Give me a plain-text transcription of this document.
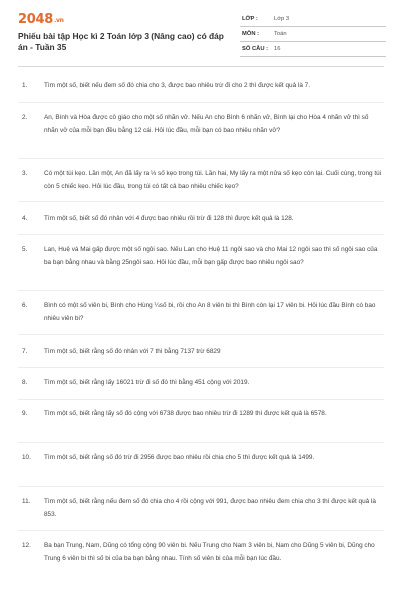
2048.vn
Phiếu bài tập Học kì 2 Toán lớp 3 (Nâng cao) có đáp án - Tuần 35
LỚP :	Lớp 3
MÔN :	Toán
SỐ CÂU : 16
1.	Tìm một số, biết nếu đem số đó chia cho 3, được bao nhiêu trừ đi cho 2 thì được kết quả là 7.
2.	An, Bình và Hòa được cô giáo cho một số nhãn vở. Nếu An cho Bình 6 nhãn vở, Bình lại cho Hòa 4 nhãn vở thì số nhãn vở của mỗi bạn đều bằng 12 cái. Hỏi lúc đầu, mỗi bạn có bao nhiêu nhãn vở?
3.	Có một túi kẹo. Lần một, An đã lấy ra ⅓ số kẹo trong túi. Lần hai, My lấy ra một nửa số kẹo còn lại. Cuối cùng, trong túi còn 5 chiếc kẹo. Hỏi lúc đầu, trong túi có tất cả bao nhiêu chiếc kẹo?
4.	Tìm một số, biết số đó nhân với 4 được bao nhiêu rồi trừ đi 128 thì được kết quả là 128.
5.	Lan, Huệ và Mai gấp được một số ngôi sao. Nếu Lan cho Huệ 11 ngôi sao và cho Mai 12 ngôi sao thì số ngôi sao của ba bạn bằng nhau và bằng 25ngôi sao. Hỏi lúc đầu, mỗi bạn gấp được bao nhiêu ngôi sao?
6.	Bình có một số viên bi, Bình cho Hùng ¼số bi, rồi cho An 8 viên bi thì Bình còn lại 17 viên bi. Hỏi lúc đầu Bình có bao nhiêu viên bi?
7.	Tìm một số, biết rằng số đó nhân với 7 thì bằng 7137 trừ 6829
8.	Tìm một số, biết rằng lấy 16021 trừ đi số đó thì bằng 451 cộng với 2019.
9.	Tìm một số, biết rằng lấy số đó cộng với 6738 được bao nhiêu trừ đi 1289 thì được kết quả là 6578.
10.	Tìm một số, biết rằng số đó trừ đi 2956 được bao nhiêu rồi chia cho 5 thì được kết quả là 1499.
11.	Tìm một số, biết rằng nếu đem số đó chia cho 4 rồi cộng với 991, được bao nhiêu đem chia cho 3 thì được kết quả là 853.
12.	Ba bạn Trung, Nam, Dũng có tổng cộng 90 viên bi. Nếu Trung cho Nam 3 viên bi, Nam cho Dũng 5 viên bi, Dũng cho Trung 6 viên bi thì số bi của ba bạn bằng nhau. Tính số viên bi của mỗi bạn lúc đầu.
